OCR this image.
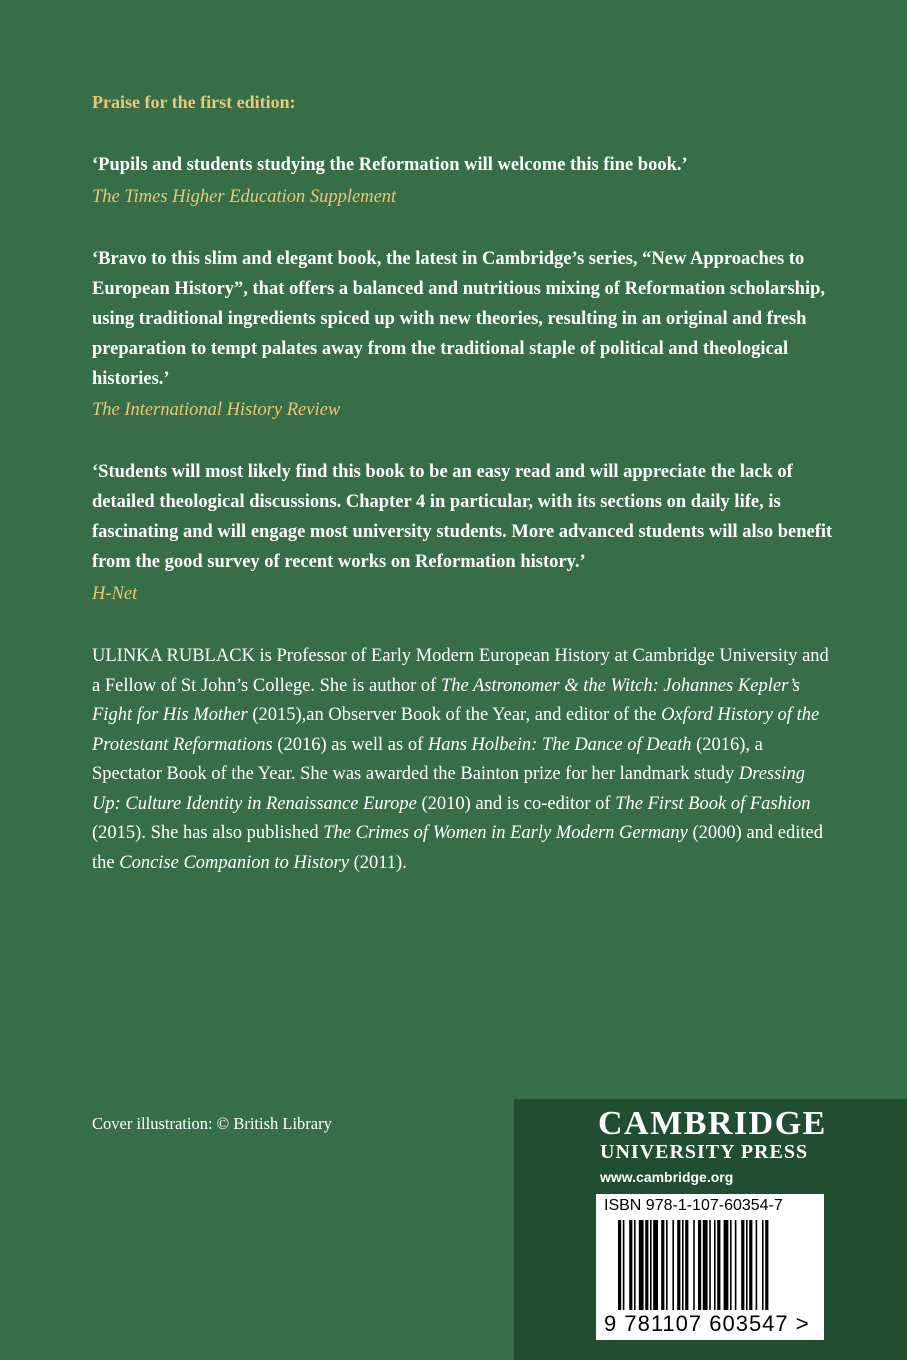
Praise for the first edition:
‘Pupils and students studying the Reformation will welcome this fine book.’
The Times Higher Education Supplement
‘Bravo to this slim and elegant book, the latest in Cambridge’s series, “New Approaches to European History”, that offers a balanced and nutritious mixing of Reformation scholarship, using traditional ingredients spiced up with new theories, resulting in an original and fresh preparation to tempt palates away from the traditional staple of political and theological histories.’
The International History Review
‘Students will most likely find this book to be an easy read and will appreciate the lack of detailed theological discussions. Chapter 4 in particular, with its sections on daily life, is fascinating and will engage most university students. More advanced students will also benefit from the good survey of recent works on Reformation history.’
H-Net
ULINKA RUBLACK is Professor of Early Modern European History at Cambridge University and a Fellow of St John’s College. She is author of The Astronomer & the Witch: Johannes Kepler’s Fight for His Mother (2015),an Observer Book of the Year, and editor of the Oxford History of the Protestant Reformations (2016) as well as of Hans Holbein: The Dance of Death (2016), a Spectator Book of the Year. She was awarded the Bainton prize for her landmark study Dressing Up: Culture Identity in Renaissance Europe (2010) and is co-editor of The First Book of Fashion (2015). She has also published The Crimes of Women in Early Modern Germany (2000) and edited the Concise Companion to History (2011).
Cover illustration: © British Library	CAMBRIDGE
UNIVERSITY PRESS
www.cambridge.org
ISBN 978-1-107-60354-7
9 781107 603547 >
